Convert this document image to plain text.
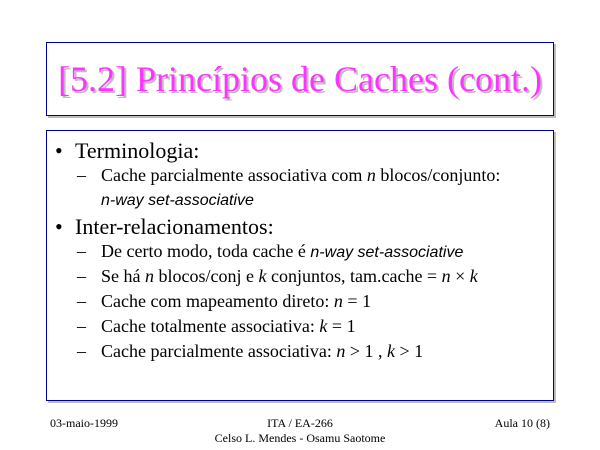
[5.2] Princípios de Caches (cont.)
• Terminologia:
– Cache parcialmente associativa com n blocos/conjunto:
n-way set-associative
• Inter-relacionamentos:
– De certo modo, toda cache é n-way set-associative
– Se há n blocos/conj e k conjuntos, tam.cache = n × k
– Cache com mapeamento direto: n = 1
– Cache totalmente associativa: k = 1
– Cache parcialmente associativa: n > 1 , k > 1
03-maio-1999	ITA / EA-266
Celso L. Mendes - Osamu Saotome
Aula 10 (8)
